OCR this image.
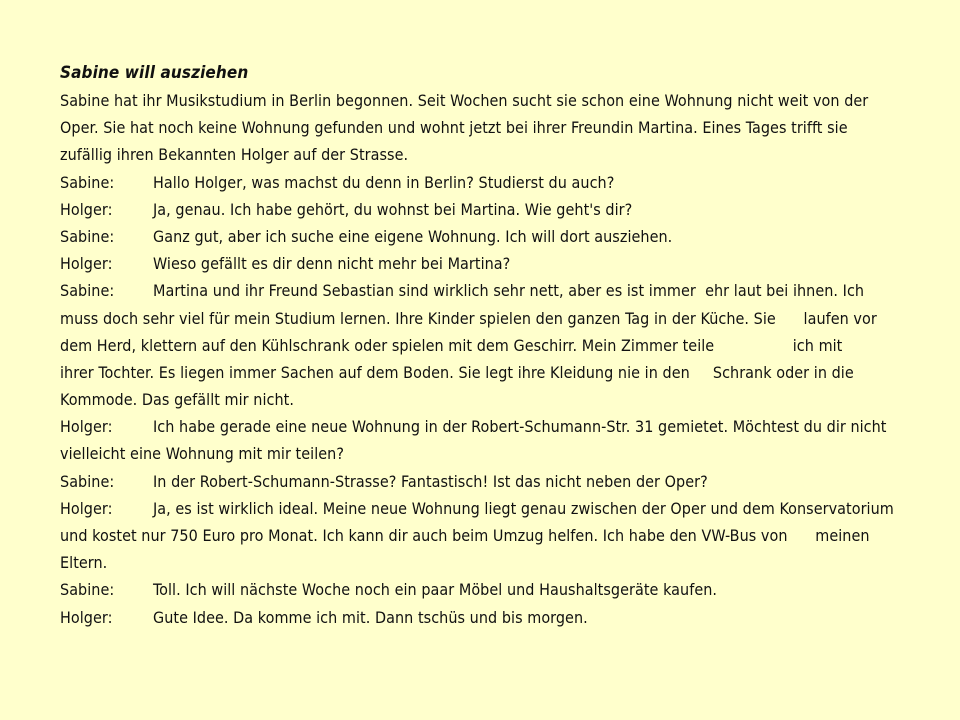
Sabine will ausziehen
Sabine hat ihr Musikstudium in Berlin begonnen. Seit Wochen sucht sie schon eine Wohnung nicht weit von der
Oper. Sie hat noch keine Wohnung gefunden und wohnt jetzt bei ihrer Freundin Martina. Eines Tages trifft sie
zufällig ihren Bekannten Holger auf der Strasse.
Sabine: Hallo Holger, was machst du denn in Berlin? Studierst du auch?
Holger:	Ja, genau. Ich habe gehört, du wohnst bei Martina. Wie geht's dir?
Sabine: Ganz gut, aber ich suche eine eigene Wohnung. Ich will dort ausziehen.
Holger:	Wieso gefällt es dir denn nicht mehr bei Martina?
Sabine: Martina und ihr Freund Sebastian sind wirklich sehr nett, aber es ist immer  ehr laut bei ihnen. Ich
muss doch sehr viel für mein Studium lernen. Ihre Kinder spielen den ganzen Tag in der Küche. Sie      laufen vor
dem Herd, klettern auf den Kühlschrank oder spielen mit dem Geschirr. Mein Zimmer teile                 ich mit
ihrer Tochter. Es liegen immer Sachen auf dem Boden. Sie legt ihre Kleidung nie in den     Schrank oder in die
Kommode. Das gefällt mir nicht.
Holger:	Ich habe gerade eine neue Wohnung in der Robert-Schumann-Str. 31 gemietet. Möchtest du dir nicht
vielleicht eine Wohnung mit mir teilen?
Sabine: In der Robert-Schumann-Strasse? Fantastisch! Ist das nicht neben der Oper?
Holger:	Ja, es ist wirklich ideal. Meine neue Wohnung liegt genau zwischen der Oper und dem Konservatorium
und kostet nur 750 Euro pro Monat. Ich kann dir auch beim Umzug helfen. Ich habe den VW-Bus von      meinen
Eltern.
Sabine: Toll. Ich will nächste Woche noch ein paar Möbel und Haushaltsgeräte kaufen.
Holger:	Gute Idee. Da komme ich mit. Dann tschüs und bis morgen.
